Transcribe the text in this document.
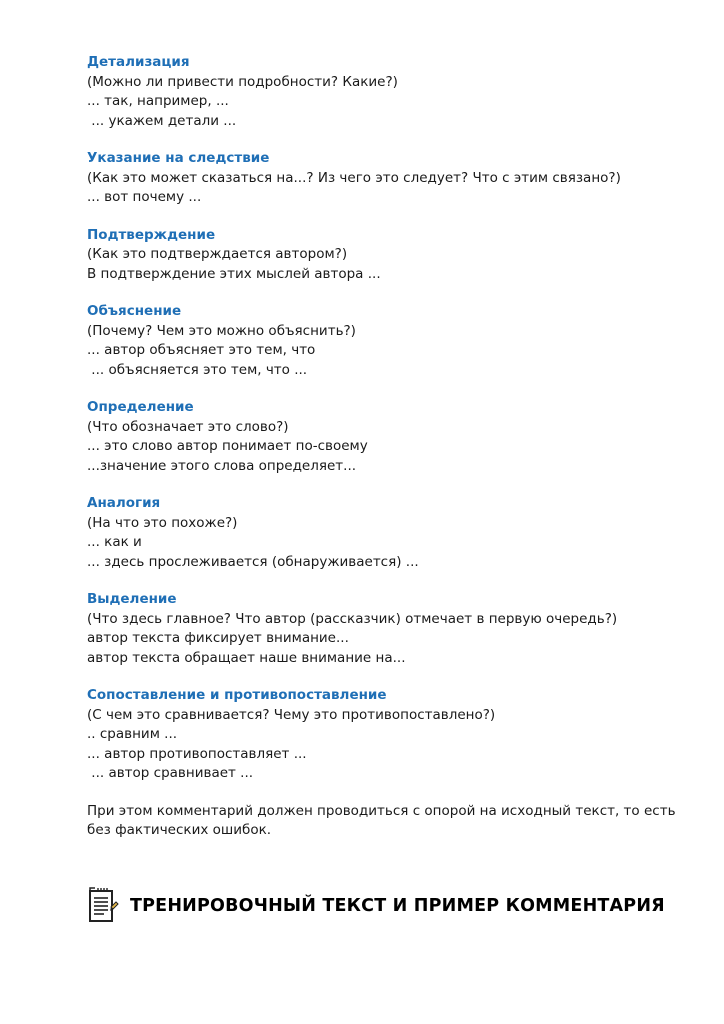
Детализация
(Можно ли привести подробности? Какие?)
... так, например, ...
... укажем детали ...
Указание на следствие
(Как это может сказаться на...? Из чего это следует? Что с этим связано?)
... вот почему ...
Подтверждение
(Как это подтверждается автором?)
В подтверждение этих мыслей автора ...
Объяснение
(Почему? Чем это можно объяснить?)
... автор объясняет это тем, что
... объясняется это тем, что ...
Определение
(Что обозначает это слово?)
... это слово автор понимает по-своему
...значение этого слова определяет...
Аналогия
(На что это похоже?)
... как и
... здесь прослеживается (обнаруживается) ...
Выделение
(Что здесь главное? Что автор (рассказчик) отмечает в первую очередь?)
автор текста фиксирует внимание...
автор текста обращает наше внимание на...
Сопоставление и противопоставление
(С чем это сравнивается? Чему это противопоставлено?)
.. сравним ...
... автор противопоставляет ...
... автор сравнивает ...
При этом комментарий должен проводиться с опорой на исходный текст, то есть
без фактических ошибок.
ТРЕНИРОВОЧНЫЙ ТЕКСТ И ПРИМЕР КОММЕНТАРИЯ
